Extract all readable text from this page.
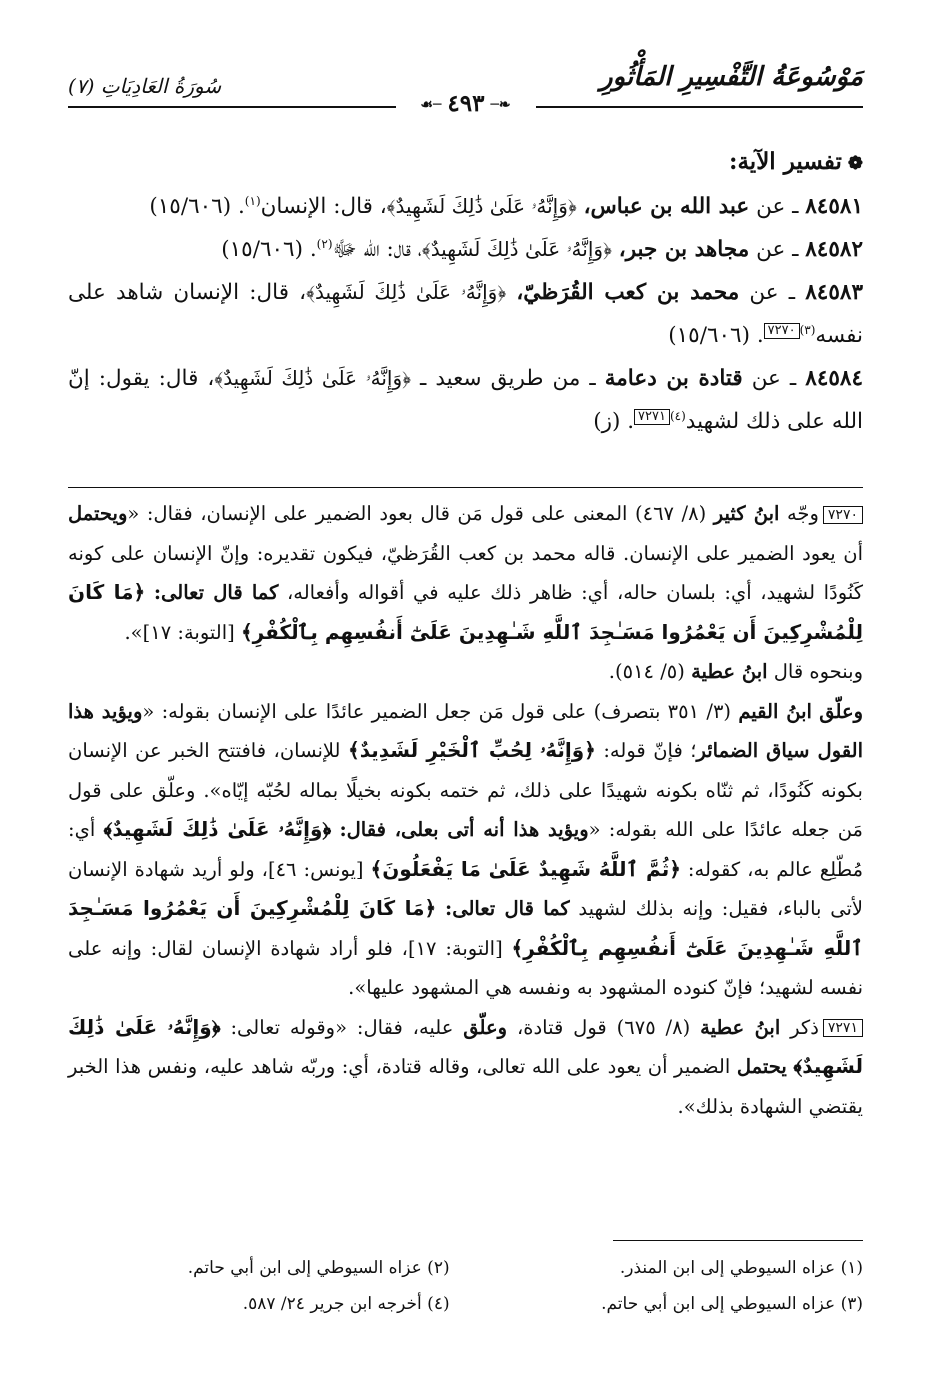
مَوْسُوعَةُ التَّفْسِيرِ المَأْثُورِ
سُورَةُ العَادِيَاتِ (٧)
❧─٤٩٣─☙
❁تفسير الآية:

٨٤٥٨١ ـ عن عبد الله بن عباس، ﴿وَإِنَّهُۥ عَلَىٰ ذَٰلِكَ لَشَهِيدٌ﴾، قال: الإنسان$^{(١)}$. (١٥/٦٠٦)

٨٤٥٨٢ ـ عن مجاهد بن جبر، ﴿وَإِنَّهُۥ عَلَىٰ ذَٰلِكَ لَشَهِيدٌ﴾، قال: الله ﷻ$^{(٢)}$. (١٥/٦٠٦)

٨٤٥٨٣ ـ عن محمد بن كعب القُرَظيّ، ﴿وَإِنَّهُۥ عَلَىٰ ذَٰلِكَ لَشَهِيدٌ﴾، قال: الإنسان شاهد على نفسه$^{(٣)}$٧٢٧٠. (١٥/٦٠٦)

٨٤٥٨٤ ـ عن قتادة بن دعامة ـ من طريق سعيد ـ ﴿وَإِنَّهُۥ عَلَىٰ ذَٰلِكَ لَشَهِيدٌ﴾، قال: يقول: إنّ الله على ذلك لشهيد$^{(٤)}$٧٢٧١. (ز)

٧٢٧٠وجّه ابنُ كثير (٨/ ٤٦٧) المعنى على قول مَن قال بعود الضمير على الإنسان، فقال: «ويحتمل أن يعود الضمير على الإنسان. قاله محمد بن كعب القُرَظيّ، فيكون تقديره: وإنّ الإنسان على كونه كَنُودًا لشهيد، أي: بلسان حاله، أي: ظاهر ذلك عليه في أقواله وأفعاله، كما قال تعالى: ﴿مَا كَانَ لِلْمُشْرِكِينَ أَن يَعْمُرُوا مَسَـٰجِدَ ٱللَّهِ شَـٰهِدِينَ عَلَىٰٓ أَنفُسِهِم بِٱلْكُفْرِ﴾ [التوبة: ١٧]».

وبنحوه قال ابنُ عطية (٥/ ٥١٤).

وعلّق ابنُ القيم (٣/ ٣٥١ بتصرف) على قول مَن جعل الضمير عائدًا على الإنسان بقوله: «ويؤيد هذا القول سياق الضمائر؛ فإنّ قوله: ﴿وَإِنَّهُۥ لِحُبِّ ٱلْخَيْرِ لَشَدِيدٌ﴾ للإنسان، فافتتح الخبر عن الإنسان بكونه كَنُودًا، ثم ثنّاه بكونه شهيدًا على ذلك، ثم ختمه بكونه بخيلًا بماله لحُبّه إيّاه». وعلّق على قول مَن جعله عائدًا على الله بقوله: «ويؤيد هذا أنه أتى بعلى، فقال: ﴿وَإِنَّهُۥ عَلَىٰ ذَٰلِكَ لَشَهِيدٌ﴾ أي: مُطّلِع عالم به، كقوله: ﴿ثُمَّ ٱللَّهُ شَهِيدٌ عَلَىٰ مَا يَفْعَلُونَ﴾ [يونس: ٤٦]، ولو أريد شهادة الإنسان لأتى بالباء، فقيل: وإنه بذلك لشهيد كما قال تعالى: ﴿مَا كَانَ لِلْمُشْرِكِينَ أَن يَعْمُرُوا مَسَـٰجِدَ ٱللَّهِ شَـٰهِدِينَ عَلَىٰٓ أَنفُسِهِم بِٱلْكُفْرِ﴾ [التوبة: ١٧]، فلو أراد شهادة الإنسان لقال: وإنه على نفسه لشهيد؛ فإنّ كنوده المشهود به ونفسه هي المشهود عليها».

٧٢٧١ذكر ابنُ عطية (٨/ ٦٧٥) قول قتادة، وعلّق عليه، فقال: «وقوله تعالى: ﴿وَإِنَّهُۥ عَلَىٰ ذَٰلِكَ لَشَهِيدٌ﴾ يحتمل الضمير أن يعود على الله تعالى، وقاله قتادة، أي: وربّه شاهد عليه، ونفس هذا الخبر يقتضي الشهادة بذلك».

(١) عزاه السيوطي إلى ابن المنذر.
(٢) عزاه السيوطي إلى ابن أبي حاتم.
(٣) عزاه السيوطي إلى ابن أبي حاتم.
(٤) أخرجه ابن جرير ٢٤/ ٥٨٧.
